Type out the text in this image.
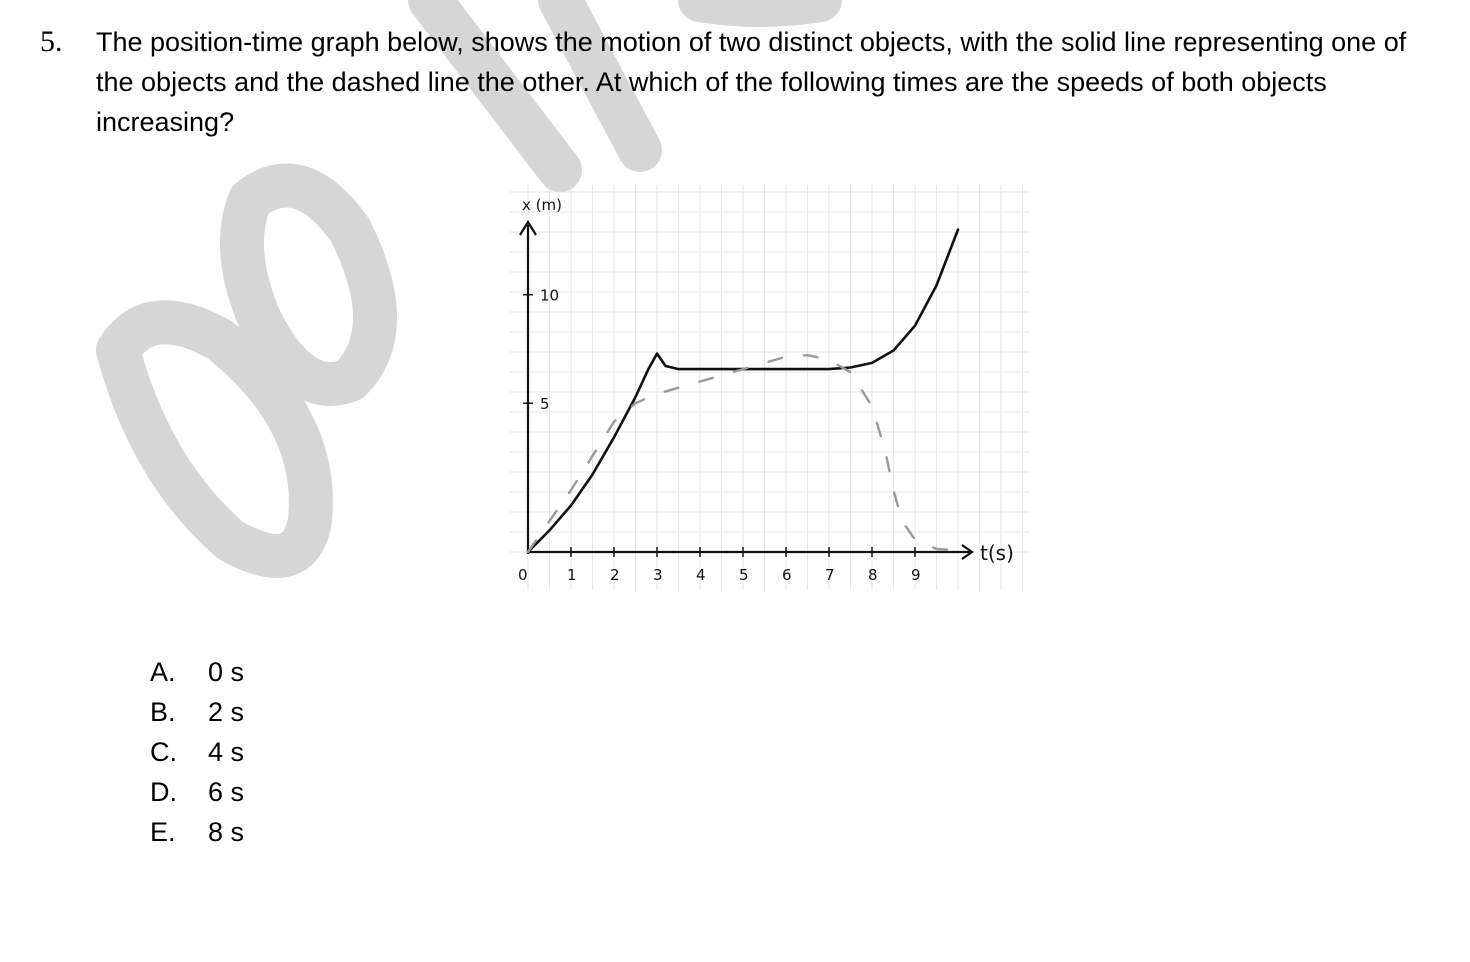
5. The position-time graph below, shows the motion of two distinct objects, with the solid line representing one of the objects and the dashed line the other. At which of the following times are the speeds of both objects increasing?
0	1 2 3 4 5 6 7 8 9
5
10
x (m)
t(s)
A.	0 s
B.	2 s
C.	4 s
D.	6 s
E.	8 s
